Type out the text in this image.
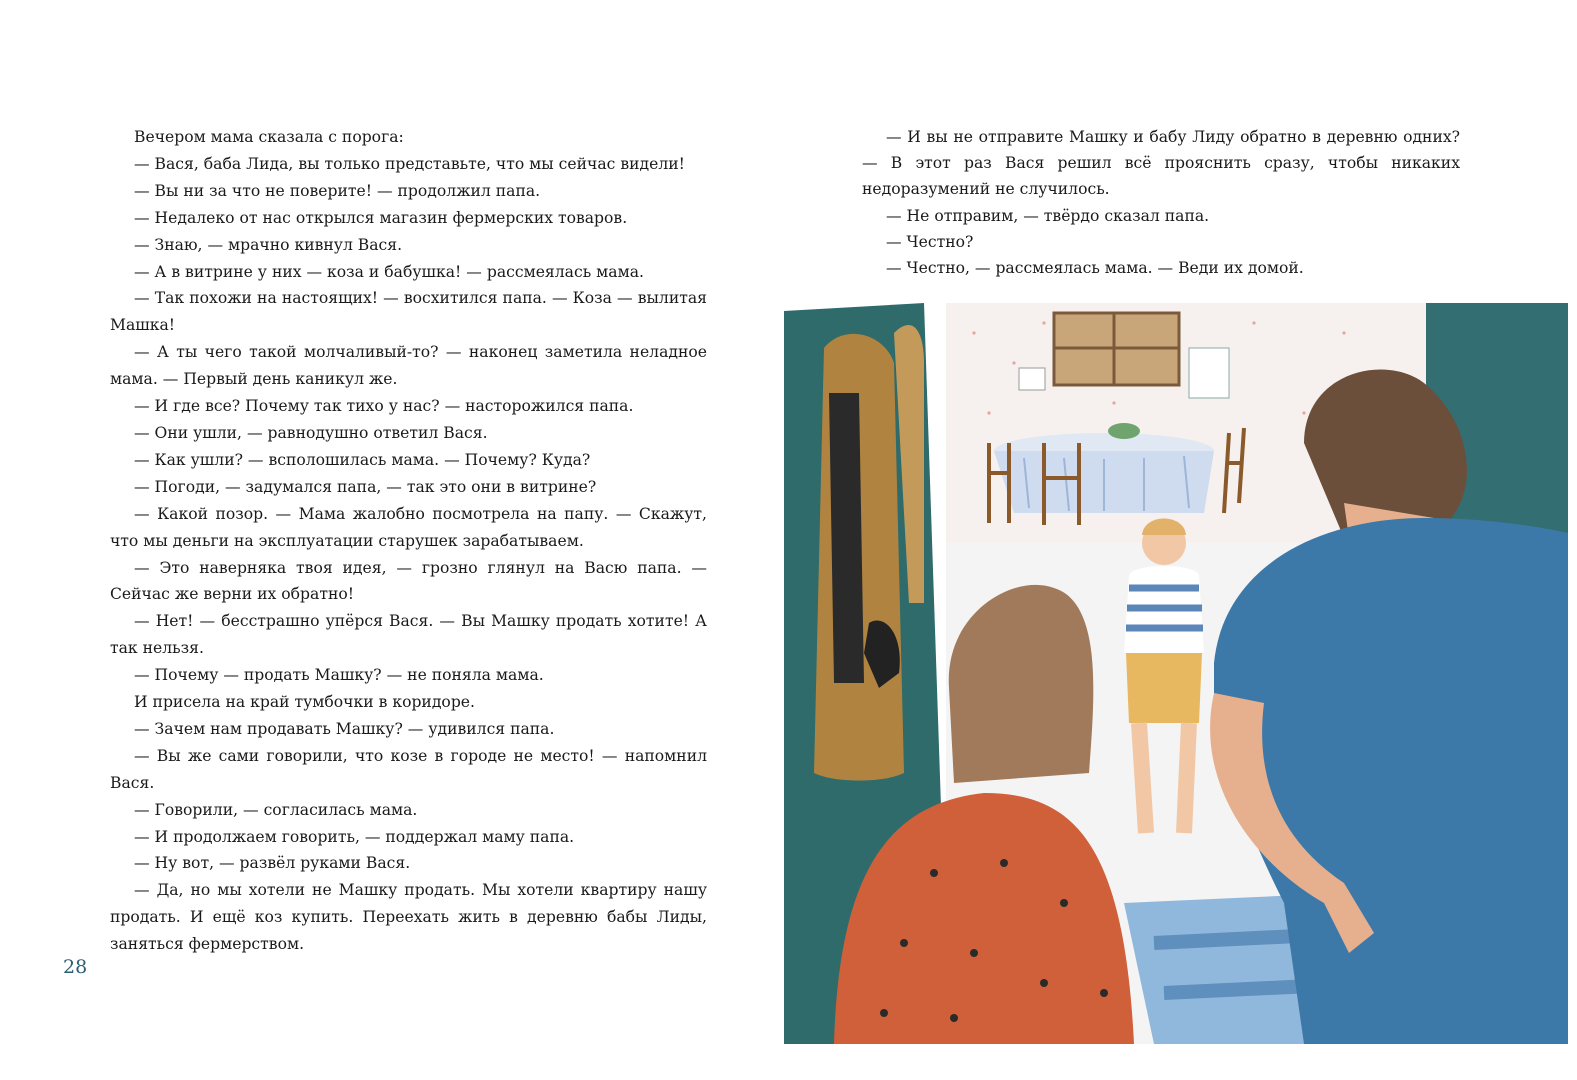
Вечером мама сказала с порога:

— Вася, баба Лида, вы только представьте, что мы сейчас видели!

— Вы ни за что не поверите! — продолжил папа.

— Недалеко от нас открылся магазин фермерских товаров.

— Знаю, — мрачно кивнул Вася.

— А в витрине у них — коза и бабушка! — рассмеялась мама.

— Так похожи на настоящих! — восхитился папа. — Коза — вылитая Машка!

— А ты чего такой молчаливый-то? — наконец заметила неладное мама. — Первый день каникул же.

— И где все? Почему так тихо у нас? — насторожился папа.

— Они ушли, — равнодушно ответил Вася.

— Как ушли? — всполошилась мама. — Почему? Куда?

— Погоди, — задумался папа, — так это они в витрине?

— Какой позор. — Мама жалобно посмотрела на папу. — Скажут, что мы деньги на эксплуатации старушек зарабатываем.

— Это наверняка твоя идея, — грозно глянул на Васю папа. — Сейчас же верни их обратно!

— Нет! — бесстрашно упёрся Вася. — Вы Машку продать хотите! А так нельзя.

— Почему — продать Машку? — не поняла мама.

И присела на край тумбочки в коридоре.

— Зачем нам продавать Машку? — удивился папа.

— Вы же сами говорили, что козе в городе не место! — напомнил Вася.

— Говорили, — согласилась мама.

— И продолжаем говорить, — поддержал маму папа.

— Ну вот, — развёл руками Вася.

— Да, но мы хотели не Машку продать. Мы хотели квартиру нашу продать. И ещё коз купить. Переехать жить в деревню бабы Лиды, заняться фермерством.

28

— И вы не отправите Машку и бабу Лиду обратно в деревню одних? — В этот раз Вася решил всё прояснить сразу, чтобы никаких недоразумений не случилось.

— Не отправим, — твёрдо сказал папа.

— Честно?

— Честно, — рассмеялась мама. — Веди их домой.
